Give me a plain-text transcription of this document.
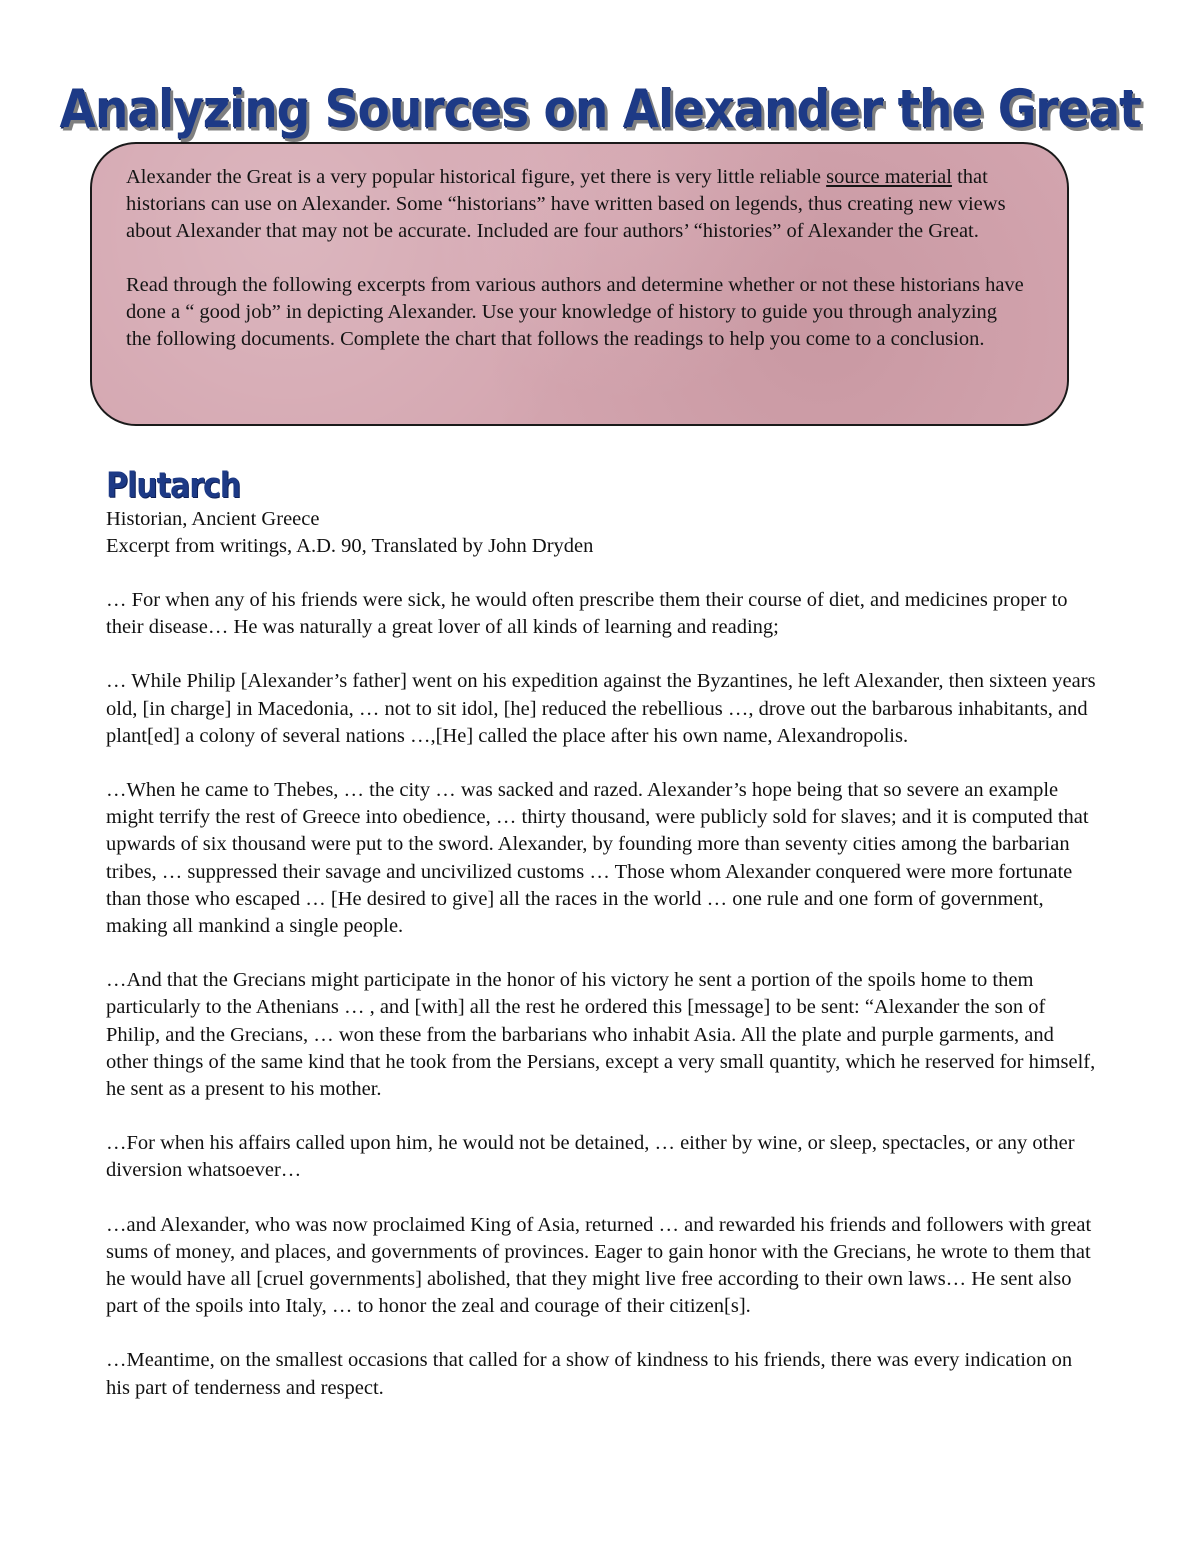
Analyzing Sources on Alexander the Great

Alexander the Great is a very popular historical figure, yet there is very little reliable source material that historians can use on Alexander. Some “historians” have written based on legends, thus creating new views about Alexander that may not be accurate. Included are four authors’ “histories” of Alexander the Great.

Read through the following excerpts from various authors and determine whether or not these historians have done a “ good job” in depicting Alexander. Use your knowledge of history to guide you through analyzing the following documents. Complete the chart that follows the readings to help you come to a conclusion.

Plutarch
Historian, Ancient Greece
Excerpt from writings, A.D. 90, Translated by John Dryden

… For when any of his friends were sick, he would often prescribe them their course of diet, and medicines proper to their disease… He was naturally a great lover of all kinds of learning and reading;

… While Philip [Alexander’s father] went on his expedition against the Byzantines, he left Alexander, then sixteen years old, [in charge] in Macedonia, … not to sit idol, [he] reduced the rebellious …, drove out the barbarous inhabitants, and plant[ed] a colony of several nations …,[He] called the place after his own name, Alexandropolis.

…When he came to Thebes, … the city … was sacked and razed. Alexander’s hope being that so severe an example might terrify the rest of Greece into obedience, … thirty thousand, were publicly sold for slaves; and it is computed that upwards of six thousand were put to the sword. Alexander, by founding more than seventy cities among the barbarian tribes, … suppressed their savage and uncivilized customs … Those whom Alexander conquered were more fortunate than those who escaped … [He desired to give] all the races in the world … one rule and one form of government, making all mankind a single people.

…And that the Grecians might participate in the honor of his victory he sent a portion of the spoils home to them particularly to the Athenians … , and [with] all the rest he ordered this [message] to be sent: “Alexander the son of Philip, and the Grecians, … won these from the barbarians who inhabit Asia. All the plate and purple garments, and other things of the same kind that he took from the Persians, except a very small quantity, which he reserved for himself, he sent as a present to his mother.

…For when his affairs called upon him, he would not be detained, … either by wine, or sleep, spectacles, or any other diversion whatsoever…

…and Alexander, who was now proclaimed King of Asia, returned … and rewarded his friends and followers with great sums of money, and places, and governments of provinces. Eager to gain honor with the Grecians, he wrote to them that he would have all [cruel governments] abolished, that they might live free according to their own laws… He sent also part of the spoils into Italy, … to honor the zeal and courage of their citizen[s].

…Meantime, on the smallest occasions that called for a show of kindness to his friends, there was every indication on his part of tenderness and respect.
